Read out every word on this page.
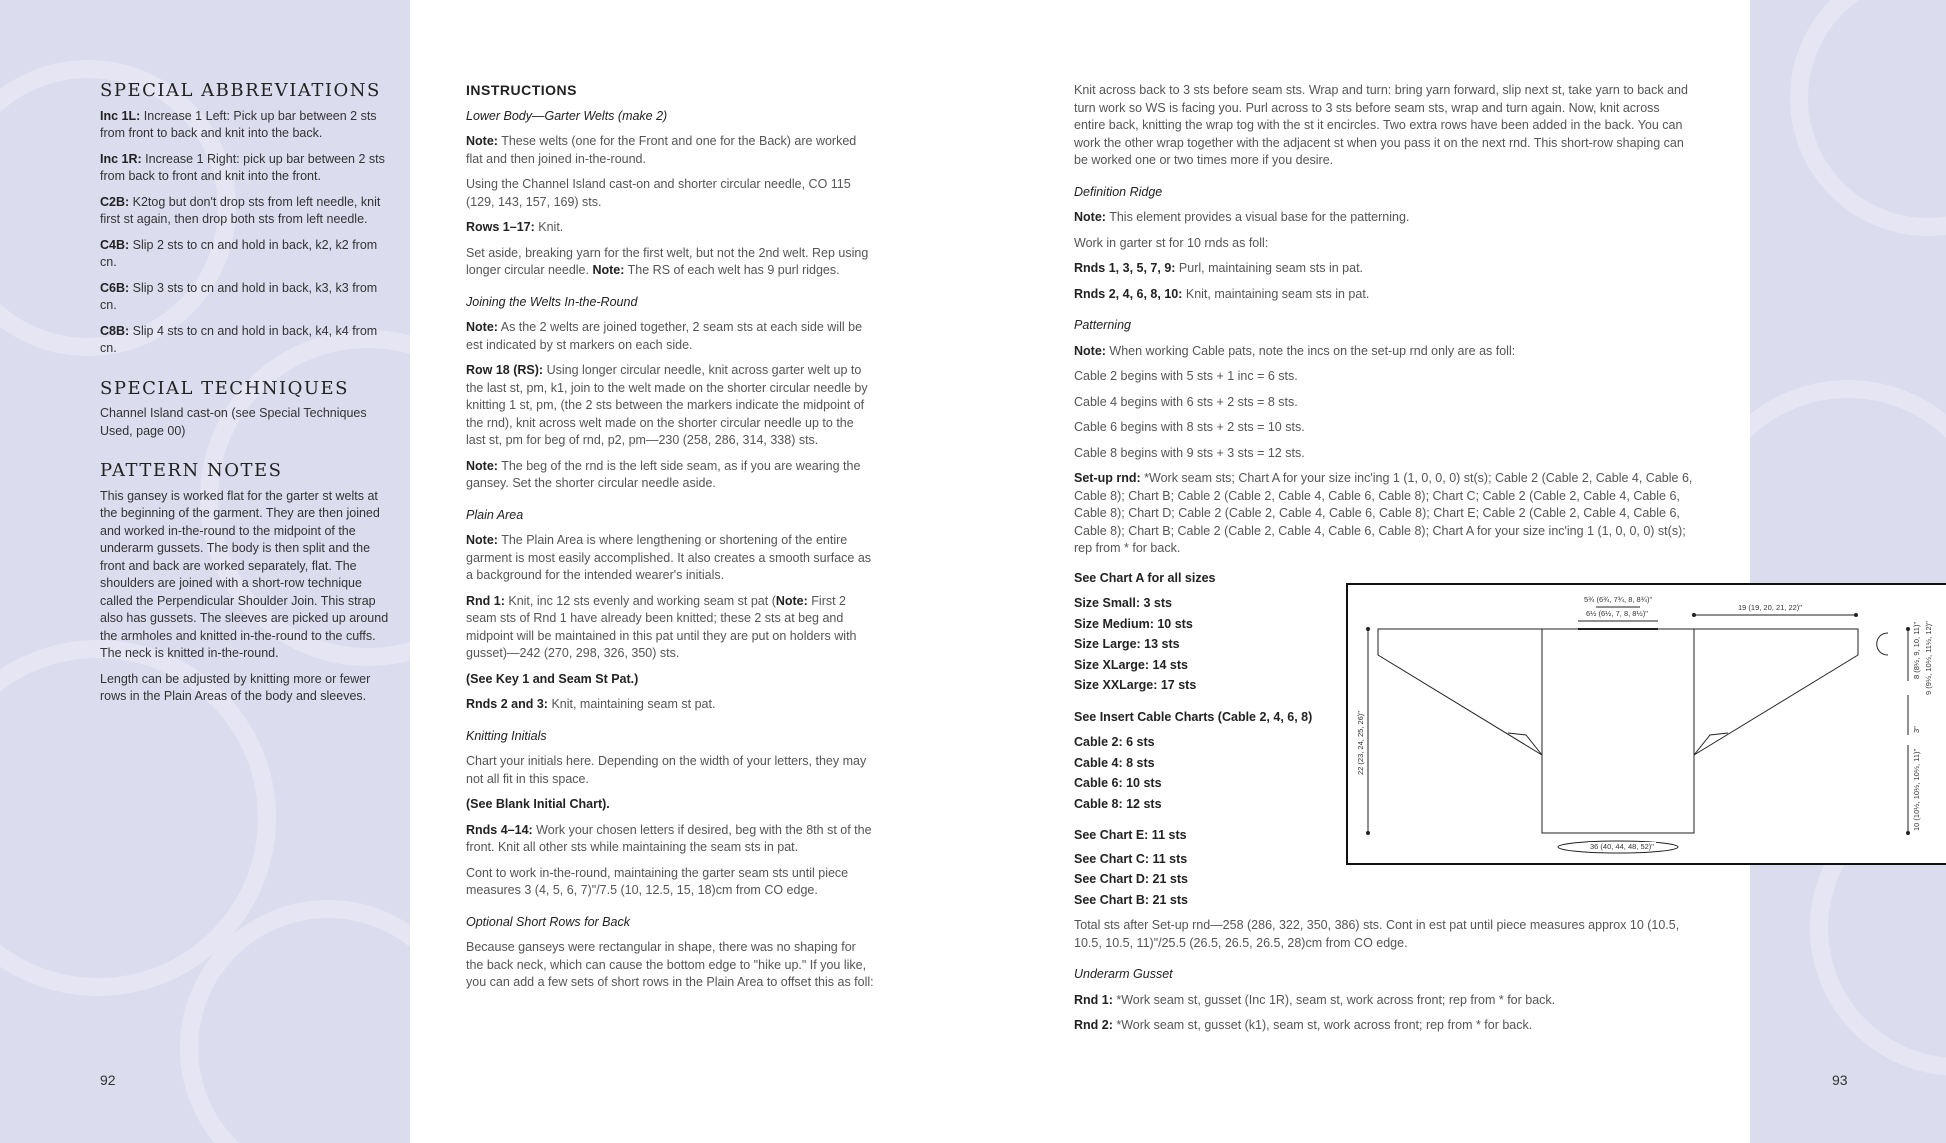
SPECIAL ABBREVIATIONS

Inc 1L: Increase 1 Left: Pick up bar between 2 sts from front to back and knit into the back.

Inc 1R: Increase 1 Right: pick up bar between 2 sts from back to front and knit into the front.

C2B: K2tog but don't drop sts from left needle, knit first st again, then drop both sts from left needle.

C4B: Slip 2 sts to cn and hold in back, k2, k2 from cn.

C6B: Slip 3 sts to cn and hold in back, k3, k3 from cn.

C8B: Slip 4 sts to cn and hold in back, k4, k4 from cn.

SPECIAL TECHNIQUES

Channel Island cast-on (see Special Techniques Used, page 00)

PATTERN NOTES

This gansey is worked flat for the garter st welts at the beginning of the garment. They are then joined and worked in-the-round to the midpoint of the underarm gussets. The body is then split and the front and back are worked separately, flat. The shoulders are joined with a short-row technique called the Perpendicular Shoulder Join. This strap also has gussets. The sleeves are picked up around the armholes and knitted in-the-round to the cuffs. The neck is knitted in-the-round.

Length can be adjusted by knitting more or fewer rows in the Plain Areas of the body and sleeves.

92
INSTRUCTIONS
Lower Body—Garter Welts (make 2)

Note: These welts (one for the Front and one for the Back) are worked flat and then joined in-the-round.

Using the Channel Island cast-on and shorter circular needle, CO 115 (129, 143, 157, 169) sts.

Rows 1–17: Knit.

Set aside, breaking yarn for the first welt, but not the 2nd welt. Rep using longer circular needle. Note: The RS of each welt has 9 purl ridges.

Joining the Welts In-the-Round

Note: As the 2 welts are joined together, 2 seam sts at each side will be est indicated by st markers on each side.

Row 18 (RS): Using longer circular needle, knit across garter welt up to the last st, pm, k1, join to the welt made on the shorter circular needle by knitting 1 st, pm, (the 2 sts between the markers indicate the midpoint of the rnd), knit across welt made on the shorter circular needle up to the last st, pm for beg of rnd, p2, pm—230 (258, 286, 314, 338) sts.

Note: The beg of the rnd is the left side seam, as if you are wearing the gansey. Set the shorter circular needle aside.

Plain Area

Note: The Plain Area is where lengthening or shortening of the entire garment is most easily accomplished. It also creates a smooth surface as a background for the intended wearer's initials.

Rnd 1: Knit, inc 12 sts evenly and working seam st pat (Note: First 2 seam sts of Rnd 1 have already been knitted; these 2 sts at beg and midpoint will be maintained in this pat until they are put on holders with gusset)—242 (270, 298, 326, 350) sts.

(See Key 1 and Seam St Pat.)

Rnds 2 and 3: Knit, maintaining seam st pat.

Knitting Initials

Chart your initials here. Depending on the width of your letters, they may not all fit in this space.

(See Blank Initial Chart).

Rnds 4–14: Work your chosen letters if desired, beg with the 8th st of the front. Knit all other sts while maintaining the seam sts in pat.

Cont to work in-the-round, maintaining the garter seam sts until piece measures 3 (4, 5, 6, 7)"/7.5 (10, 12.5, 15, 18)cm from CO edge.

Optional Short Rows for Back

Because ganseys were rectangular in shape, there was no shaping for the back neck, which can cause the bottom edge to "hike up." If you like, you can add a few sets of short rows in the Plain Area to offset this as foll:

Knit across back to 3 sts before seam sts. Wrap and turn: bring yarn forward, slip next st, take yarn to back and turn work so WS is facing you. Purl across to 3 sts before seam sts, wrap and turn again. Now, knit across entire back, knitting the wrap tog with the st it encircles. Two extra rows have been added in the back. You can work the other wrap together with the adjacent st when you pass it on the next rnd. This short-row shaping can be worked one or two times more if you desire.

Definition Ridge

Note: This element provides a visual base for the patterning.

Work in garter st for 10 rnds as foll:

Rnds 1, 3, 5, 7, 9: Purl, maintaining seam sts in pat.

Rnds 2, 4, 6, 8, 10: Knit, maintaining seam sts in pat.

Patterning

Note: When working Cable pats, note the incs on the set-up rnd only are as foll:

Cable 2 begins with 5 sts + 1 inc = 6 sts.

Cable 4 begins with 6 sts + 2 sts = 8 sts.

Cable 6 begins with 8 sts + 2 sts = 10 sts.

Cable 8 begins with 9 sts + 3 sts = 12 sts.

Set-up rnd: *Work seam sts; Chart A for your size inc'ing 1 (1, 0, 0, 0) st(s); Cable 2 (Cable 2, Cable 4, Cable 6, Cable 8); Chart B; Cable 2 (Cable 2, Cable 4, Cable 6, Cable 8); Chart C; Cable 2 (Cable 2, Cable 4, Cable 6, Cable 8); Chart D; Cable 2 (Cable 2, Cable 4, Cable 6, Cable 8); Chart E; Cable 2 (Cable 2, Cable 4, Cable 6, Cable 8); Chart B; Cable 2 (Cable 2, Cable 4, Cable 6, Cable 8); Chart A for your size inc'ing 1 (1, 0, 0, 0) st(s); rep from * for back.

See Chart A for all sizes

Size Small: 3 sts

Size Medium: 10 sts

Size Large: 13 sts

Size XLarge: 14 sts

Size XXLarge: 17 sts

See Insert Cable Charts (Cable 2, 4, 6, 8)

Cable 2: 6 sts

Cable 4: 8 sts

Cable 6: 10 sts

Cable 8: 12 sts

See Chart E: 11 sts

See Chart C: 11 sts

See Chart D: 21 sts

See Chart B: 21 sts

Total sts after Set-up rnd—258 (286, 322, 350, 386) sts. Cont in est pat until piece measures approx 10 (10.5, 10.5, 10.5, 11)"/25.5 (26.5, 26.5, 26.5, 28)cm from CO edge.

Underarm Gusset

Rnd 1: *Work seam st, gusset (Inc 1R), seam st, work across front; rep from * for back.

Rnd 2: *Work seam st, gusset (k1), seam st, work across front; rep from * for back.

93
5¾ (6¾, 7¾, 8, 8¾)"
6½ (6½, 7, 8, 8½)"
19 (19, 20, 21, 22)"
22 (23, 24, 25, 26)"
36 (40, 44, 48, 52)"
8 (8½, 9, 10, 11)" 9 (9½, 10½, 11½, 12)"
3"
10 (10½, 10½, 10½, 11)"
